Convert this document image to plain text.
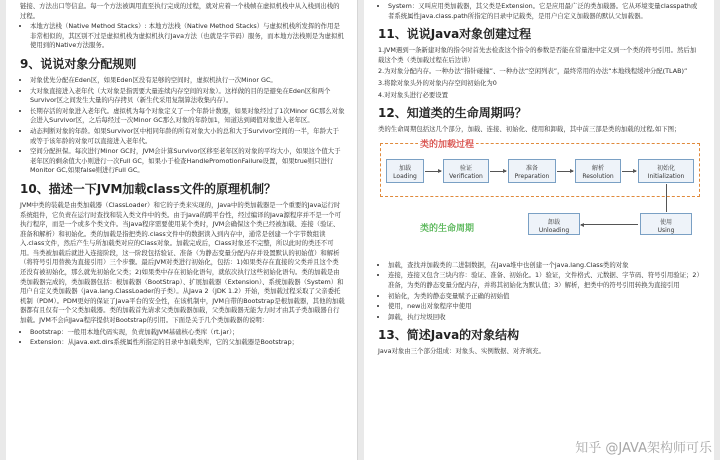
链接、方法出口等信息。每一个方法被调用直至执行完成的过程，就对应着一个栈帧在虚拟机栈中从入栈到出栈的过程。
• 本地方法栈（Native Method Stacks）: 本地方法栈（Native Method Stacks）与虚拟机栈所发挥的作用是非常相似的，其区别不过是虚拟机栈为虚拟机执行Java方法（也就是字节码）服务，而本地方法栈则是为虚拟机使用到的Native方法服务。
9、说说对象分配规则
• 对象优先分配在Eden区，如果Eden区没有足够的空间时，虚拟机执行一次Minor GC。
• 大对象直接进入老年代（大对象是指需要大量连续内存空间的对象）。这样做的目的是避免在Eden区和两个Survivor区之间发生大量的内存拷贝（新生代采用复制算法收集内存）。
• 长期存活的对象进入老年代。虚拟机为每个对象定义了一个年龄计数器，如果对象经过了1次Minor GC那么对象会进入Survivor区，之后每经过一次Minor GC那么对象的年龄加1，知道达到阈值对象进入老年区。
• 动态判断对象的年龄。如果Survivor区中相同年龄的所有对象大小的总和大于Survivor空间的一半，年龄大于或等于该年龄的对象可以直接进入老年代。
• 空间分配担保。每次进行Minor GC时，JVM会计算Survivor区移至老年区的对象的平均大小，如果这个值大于老年区的剩余值大小则进行一次Full GC，如果小于检查HandlePromotionFailure设置，如果true则只进行Monitor GC,如果false则进行Full GC。
10、描述一下JVM加载class文件的原理机制？

JVM中类的装载是由类加载器（ClassLoader）和它的子类来实现的，Java中的类加载器是一个重要的Java运行时系统组件，它负责在运行时查找和装入类文件中的类。由于Java的跨平台性，经过编译的Java源程序并不是一个可执行程序，而是一个或多个类文件。当Java程序需要使用某个类时，JVM会确保这个类已经被加载、连接（验证、准备和解析）和初始化。类的加载是指把类的.class文件中的数据读入到内存中，通常是创建一个字节数组读入.class文件，然后产生与所加载类对应的Class对象。加载完成后，Class对象还不完整，所以此时的类还不可用。当类被加载后就进入连接阶段，这一阶段包括验证、准备（为静态变量分配内存并设置默认的初始值）和解析（将符号引用替换为直接引用）三个步骤。最后JVM对类进行初始化，包括：1)如果类存在直接的父类并且这个类还没有被初始化，那么就先初始化父类；2)如果类中存在初始化语句，就依次执行这些初始化语句。类的加载是由类加载器完成的，类加载器包括：根加载器（BootStrap）、扩展加载器（Extension）、系统加载器（System）和用户自定义类加载器（java.lang.ClassLoader的子类）。从Java 2（JDK 1.2）开始，类加载过程采取了父亲委托机制（PDM）。PDM更好的保证了Java平台的安全性，在该机制中，JVM自带的Bootstrap是根加载器，其他的加载器都有且仅有一个父类加载器。类的加载首先请求父类加载器加载，父类加载器无能为力时才由其子类加载器自行加载。JVM不会向Java程序提供对Bootstrap的引用。下面是关于几个类加载器的说明：

• Bootstrap：一般用本地代码实现，负责加载JVM基础核心类库（rt.jar）；
• Extension：从java.ext.dirs系统属性所指定的目录中加载类库，它的父加载器是Bootstrap；
• System：又叫应用类加载器，其父类是Extension。它是应用最广泛的类加载器。它从环境变量classpath或者系统属性java.class.path所指定的目录中记载类，是用户自定义加载器的默认父加载器。
11、说说Java对象创建过程

1.JVM遇到一条新建对象的指令时首先去检查这个指令的参数是否能在常量池中定义到一个类的符号引用。然后加载这个类（类加载过程在后边讲）

2.为对象分配内存。一种办法“指针碰撞”、一种办法“空闲列表”，最终常用的办法“本地线程缓冲分配(TLAB)”

3.将除对象头外的对象内存空间初始化为0

4.对对象头进行必要设置

12、知道类的生命周期吗？

类的生命周期包括这几个部分，加载、连接、初始化、使用和卸载，其中前三部是类的加载的过程,如下图；

类的加载过程
加载
Loading
验证
Verification
准备
Preparation
解析
Resolution
初始化
Initialization
使用
Using
卸载
Unloading
类的生命周期
• 加载，查找并加载类的二进制数据，在Java堆中也创建一个java.lang.Class类的对象
• 连接，连接又包含三块内容：验证、准备、初始化。1）验证，文件格式、元数据、字节码、符号引用验证；2）准备，为类的静态变量分配内存，并将其初始化为默认值；3）解析，把类中的符号引用转换为直接引用
• 初始化，为类的静态变量赋予正确的初始值
• 使用，new出对象程序中使用
• 卸载，执行垃圾回收
13、简述Java的对象结构

Java对象由三个部分组成：对象头、实例数据、对齐填充。

知乎 @JAVA架构师可乐
